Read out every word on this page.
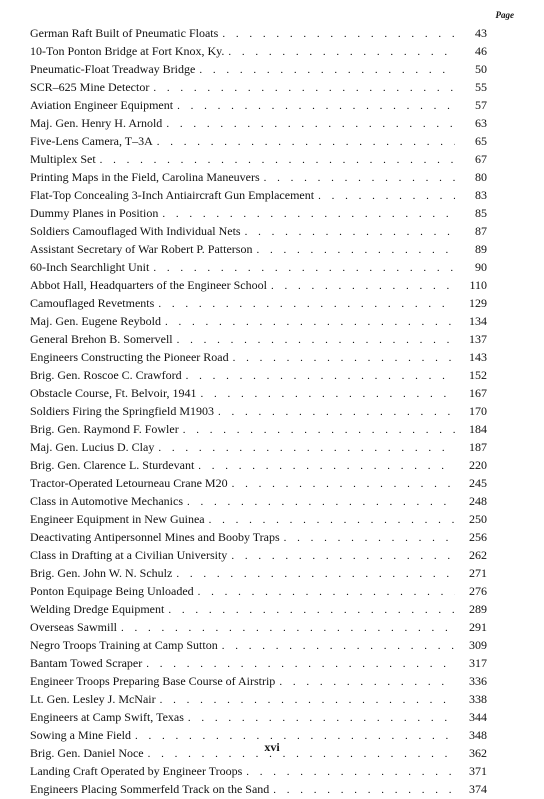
Page
German Raft Built of Pneumatic Floats . . .	43
10-Ton Ponton Bridge at Fort Knox, Ky. . . .	46
Pneumatic-Float Treadway Bridge . . .	50
SCR–625 Mine Detector . . .	55
Aviation Engineer Equipment . . .	57
Maj. Gen. Henry H. Arnold . . .	63
Five-Lens Camera, T–3A . . .	65
Multiplex Set . . .	67
Printing Maps in the Field, Carolina Maneuvers . . .	80
Flat-Top Concealing 3-Inch Antiaircraft Gun Emplacement . . .	83
Dummy Planes in Position . . .	85
Soldiers Camouflaged With Individual Nets . . .	87
Assistant Secretary of War Robert P. Patterson . . .	89
60-Inch Searchlight Unit . . .	90
Abbot Hall, Headquarters of the Engineer School . . .	110
Camouflaged Revetments . . .	129
Maj. Gen. Eugene Reybold . . .	134
General Brehon B. Somervell . . .	137
Engineers Constructing the Pioneer Road . . .	143
Brig. Gen. Roscoe C. Crawford . . .	152
Obstacle Course, Ft. Belvoir, 1941 . . .	167
Soldiers Firing the Springfield M1903 . . .	170
Brig. Gen. Raymond F. Fowler . . .	184
Maj. Gen. Lucius D. Clay . . .	187
Brig. Gen. Clarence L. Sturdevant . . .	220
Tractor-Operated Letourneau Crane M20 . . .	245
Class in Automotive Mechanics . . .	248
Engineer Equipment in New Guinea . . .	250
Deactivating Antipersonnel Mines and Booby Traps . . .	256
Class in Drafting at a Civilian University . . .	262
Brig. Gen. John W. N. Schulz . . .	271
Ponton Equipage Being Unloaded . . .	276
Welding Dredge Equipment . . .	289
Overseas Sawmill . . .	291
Negro Troops Training at Camp Sutton . . .	309
Bantam Towed Scraper . . .	317
Engineer Troops Preparing Base Course of Airstrip . . .	336
Lt. Gen. Lesley J. McNair . . .	338
Engineers at Camp Swift, Texas . . .	344
Sowing a Mine Field . . .	348
Brig. Gen. Daniel Noce . . .	362
Landing Craft Operated by Engineer Troops . . .	371
Engineers Placing Sommerfeld Track on the Sand . . .	374
xvi
